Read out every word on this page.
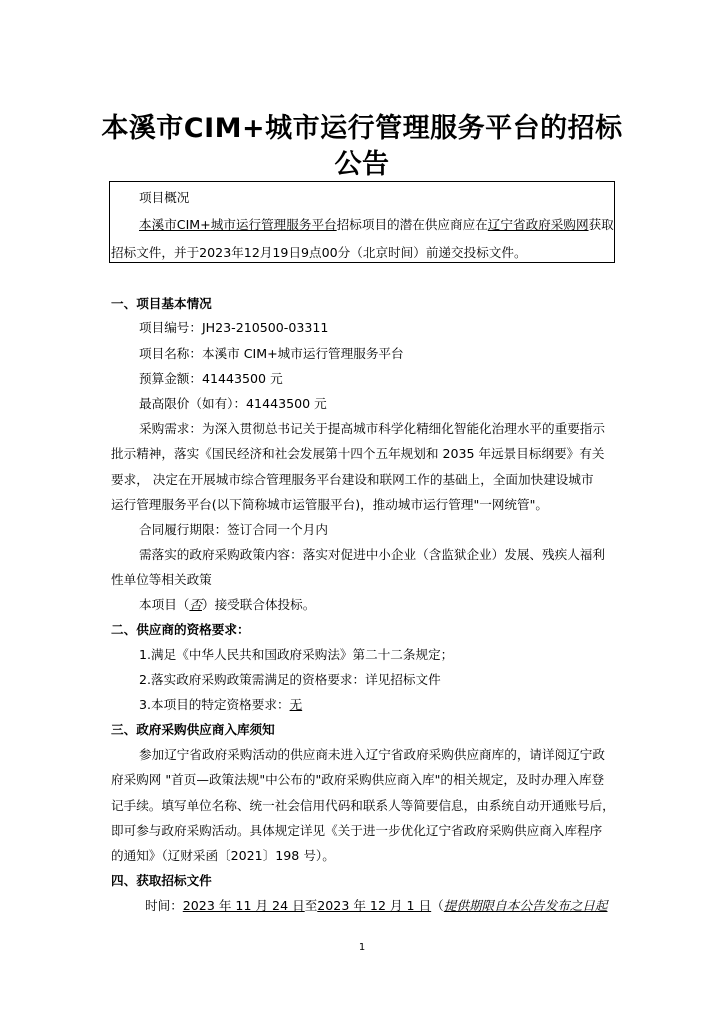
本溪市CIM+城市运行管理服务平台的招标
公告
项目概况
本溪市CIM+城市运行管理服务平台招标项目的潜在供应商应在辽宁省政府采购网获取
招标文件，并于2023年12月19日9点00分（北京时间）前递交投标文件。
一、项目基本情况
项目编号：JH23-210500-03311
项目名称：本溪市 CIM+城市运行管理服务平台
预算金额：41443500 元
最高限价（如有）：41443500 元
采购需求：为深入贯彻总书记关于提高城市科学化精细化智能化治理水平的重要指示
批示精神，落实《国民经济和社会发展第十四个五年规划和 2035 年远景目标纲要》有关
要求， 决定在开展城市综合管理服务平台建设和联网工作的基础上，全面加快建设城市
运行管理服务平台(以下简称城市运管服平台)，推动城市运行管理"一网统管"。
合同履行期限：签订合同一个月内
需落实的政府采购政策内容：落实对促进中小企业（含监狱企业）发展、残疾人福利
性单位等相关政策
本项目（否）接受联合体投标。
二、供应商的资格要求：
1.满足《中华人民共和国政府采购法》第二十二条规定；
2.落实政府采购政策需满足的资格要求：详见招标文件
3.本项目的特定资格要求：无
三、政府采购供应商入库须知
参加辽宁省政府采购活动的供应商未进入辽宁省政府采购供应商库的，请详阅辽宁政
府采购网 "首页—政策法规"中公布的"政府采购供应商入库"的相关规定，及时办理入库登
记手续。填写单位名称、统一社会信用代码和联系人等简要信息，由系统自动开通账号后，
即可参与政府采购活动。具体规定详见《关于进一步优化辽宁省政府采购供应商入库程序
的通知》（辽财采函〔2021〕198 号）。
四、获取招标文件
时间：2023 年 11 月 24 日至2023 年 12 月 1 日（提供期限自本公告发布之日起
1
